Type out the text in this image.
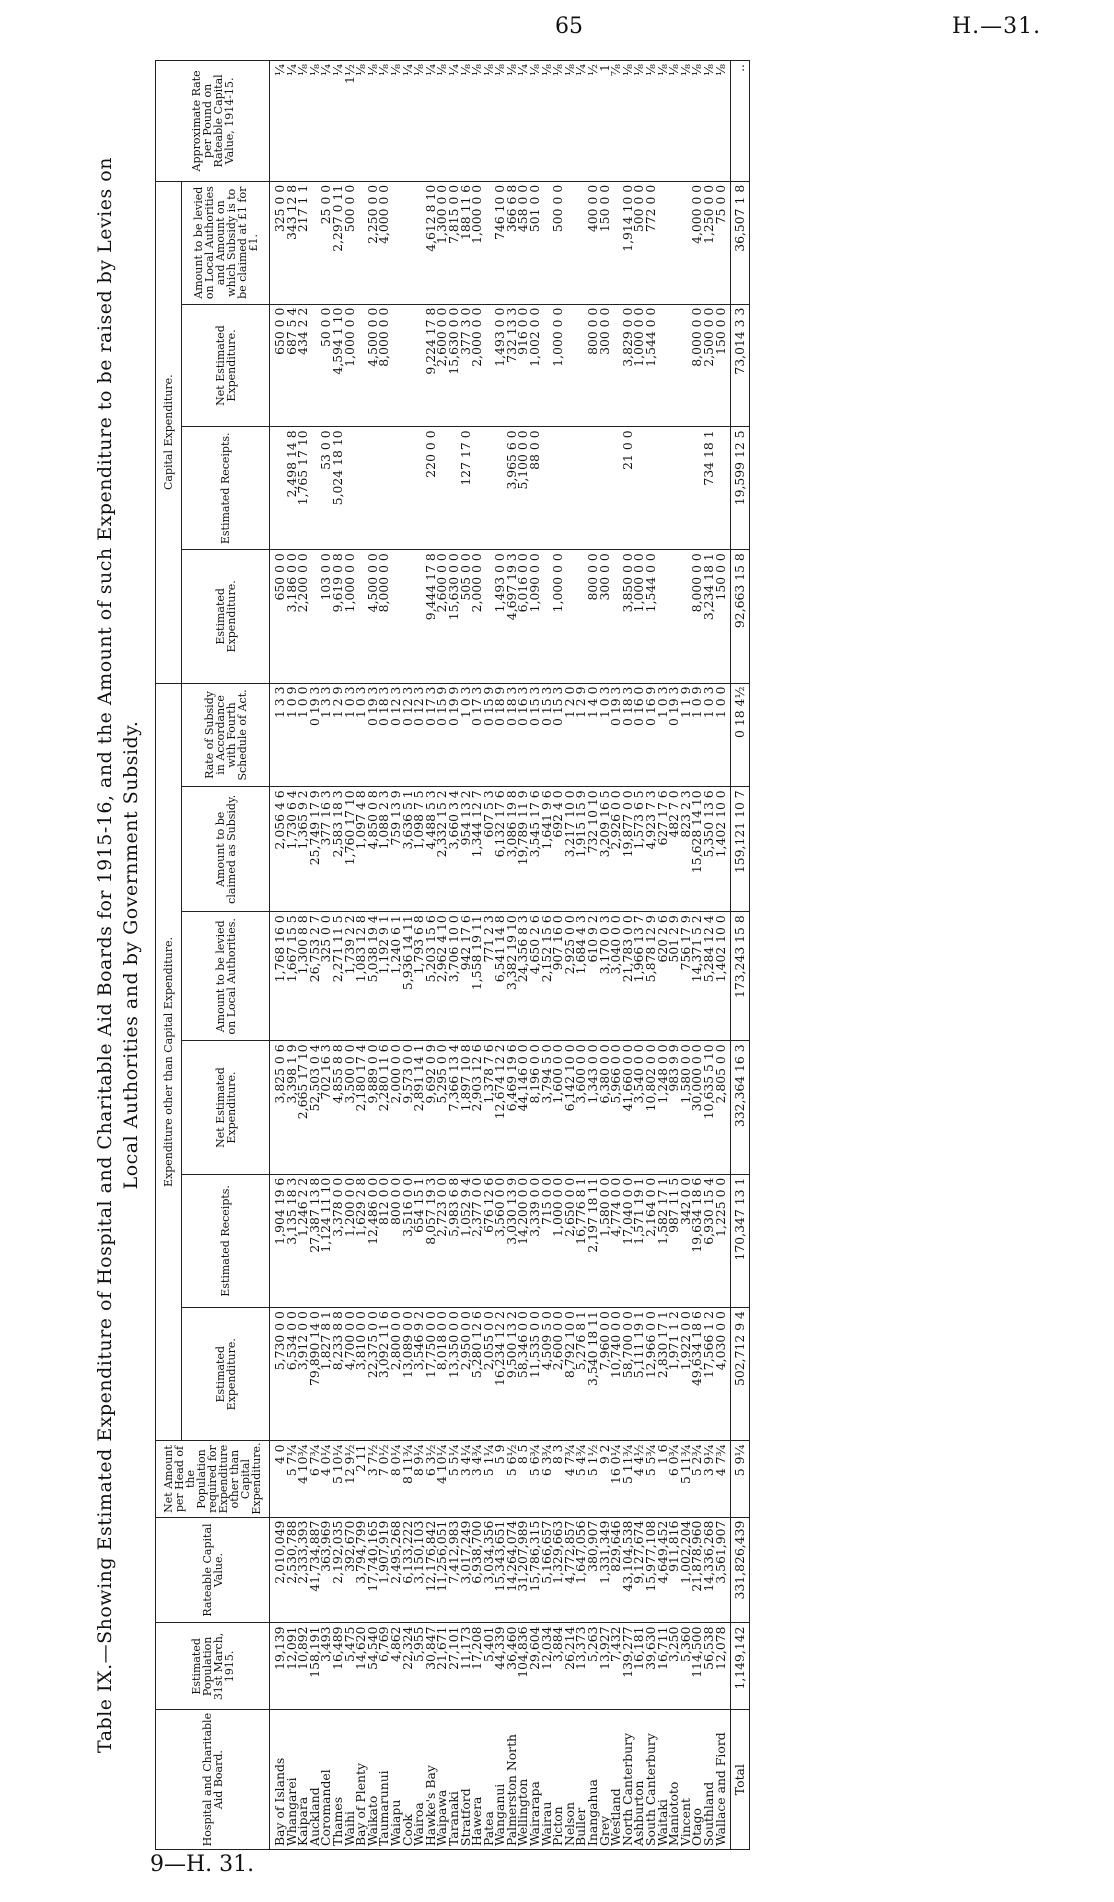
65	H.—31.
9—H. 31.
Table IX.—Showing Estimated Expenditure of Hospital and Charitable Aid Boards for 1915-16, and the Amount of such Expenditure to be raised by Levies on Local Authorities and by Government Subsidy.
Hospital and Charitable Aid Board.	Estimated Population 31st March, 1915.	Rateable Capital Value.	Net Amount per Head of the Population required for Expenditure other than Capital Expenditure.	Expenditure other than Capital Expenditure.						Capital Expenditure.				Approximate Rate per Pound on Rateable Capital Value, 1914-15.
				Estimated Expenditure.	Estimated Receipts.	Net Estimated Expenditure.	Amount to be levied on Local Authorities.	Amount to be claimed as Subsidy.	Rate of Subsidy in Accordance with Fourth Schedule of Act.	Estimated Expenditure.	Estimated Receipts.	Net Estimated Expenditure.	Amount to be levied on Local Authorities and Amount on which Subsidy is to be claimed at £1 for £1.	
Bay of Islands	19,139	2,010,049	4 0	5,730 0 0	1,904 19 6	3,825 0 6	1,768 16 0	2,056 4 6	1 3 3	650 0 0		650 0 0	325 0 0	¼
Whangarei	12,091	2,530,788	5 7¼	6,534 0 0	3,135 18 3	3,398 1 9	1,667 15 5	1,730 6 4	1 0 9	3,186 0 0	2,498 14 8	687 5 4	343 12 8	¼
Kaipara	10,892	2,333,393	4 10¾	3,912 0 0	1,246 2 2	2,665 17 10	1,300 8 8	1,365 9 2	1 0 0	2,200 0 0	1,765 17 10	434 2 2	217 1 1	⅛
Auckland	158,191	41,734,887	6 7¾	79,890 14 0	27,387 13 8	52,503 0 4	26,753 2 7	25,749 17 9	0 19 3					⅛
Coromandel	3,493	363,969	4 0¼	1,827 8 1	1,124 11 10	702 16 3	325 0 0	377 16 3	1 3 3	103 0 0	53 0 0	50 0 0	25 0 0	¼
Thames	16,489	2,192,035	5 10¼	8,233 8 8	3,378 0 0	4,855 8 8	2,271 11 5	2,583 18 3	1 2 9	9,619 0 8	5,024 18 10	4,594 1 10	2,297 0 11	¼
Waihi	5,475	392,670	12 9½	4,700 0 0	1,200 0 0	3,500 0 0	1,739 2 2	1,760 17 10	1 0 3	1,000 0 0		1,000 0 0	500 0 0	1½
Bay of Plenty	14,620	3,794,799	2 11	3,810 0 0	1,629 2 8	2,180 17 4	1,083 12 8	1,097 4 8	1 0 3					⅛
Waikato	54,540	17,740,165	3 7½	22,375 0 0	12,486 0 0	9,889 0 0	5,038 19 4	4,850 0 8	0 19 3	4,500 0 0		4,500 0 0	2,250 0 0	⅛
Taumarunui	6,769	1,907,919	7 0½	3,092 11 6	812 0 0	2,280 11 6	1,192 9 1	1,088 2 3	0 18 3	8,000 0 0		8,000 0 0	4,000 0 0	⅛
Waiapu	4,862	2,495,268	8 0¼	2,800 0 0	800 0 0	2,000 0 0	1,240 6 1	759 13 9	0 12 3					⅛
Cook	22,324	6,133,222	8 11¾	13,089 0 0	3,516 0 0	9,573 0 0	5,936 14 11	3,636 5 1	0 12 3					¼
Wairoa	5,955	3,150,103	8 9¼	3,546 9 2	654 15 1	2,891 14 1	1,793 6 8	1,098 7 5	0 12 3					⅛
Hawke's Bay	30,847	12,176,842	6 3½	17,750 0 0	8,057 19 3	9,692 0 9	5,203 15 6	4,488 5 3	0 17 3	9,444 17 8	220 0 0	9,224 17 8	4,612 8 10	¼
Waipawa	21,671	11,256,051	4 10¼	8,018 0 0	2,723 0 0	5,295 0 0	2,962 4 10	2,332 15 2	0 15 9	2,600 0 0		2,600 0 0	1,300 0 0	⅛
Taranaki	27,101	7,412,983	5 5¼	13,350 0 0	5,983 6 8	7,366 13 4	3,706 10 0	3,660 3 4	0 19 9	15,630 0 0		15,630 0 0	7,815 0 0	¼
Stratford	11,173	3,017,249	3 4¼	2,950 0 0	1,052 9 4	1,897 10 8	942 17 6	954 13 2	1 0 3	505 0 0	127 17 0	377 3 0	188 11 6	⅛
Hawera	17,208	6,938,700	3 4¾	5,280 12 6	2,377 0 0	2,903 12 6	1,558 19 11	1,344 12 7	0 17 3	2,000 0 0		2,000 0 0	1,000 0 0	⅛
Patea	5,401	3,034,356	5 1¼	2,055 0 0	676 12 6	1,378 7 6	771 2 3	607 5 3	0 15 9					⅛
Wanganui	44,339	15,343,651	5 9	16,234 12 2	3,560 0 0	12,674 12 2	6,541 14 8	6,132 17 6	0 18 9	1,493 0 0		1,493 0 0	746 10 0	⅛
Palmerston North	36,460	14,264,074	5 6½	9,500 13 2	3,030 13 9	6,469 19 6	3,382 19 10	3,086 19 8	0 18 3	4,697 19 3	3,965 6 0	732 13 3	366 6 8	⅛
Wellington	104,836	31,207,989	8 5	58,346 0 0	14,200 0 0	44,146 0 0	24,356 8 3	19,789 11 9	0 16 3	6,016 0 0	5,100 0 0	916 0 0	458 0 0	¼
Wairarapa	29,604	15,786,315	5 6¾	11,535 0 0	3,339 0 0	8,196 0 0	4,650 2 6	3,545 17 6	0 15 3	1,090 0 0	88 0 0	1,002 0 0	501 0 0	⅛
Wairau	12,034	5,166,657	6 3¾	4,509 5 0	715 0 0	3,794 5 0	2,152 15 6	1,641 9 6	0 15 3					⅛
Picton	3,884	1,329,663	8 3	2,600 0 0	1,000 0 0	1,600 0 0	907 16 0	692 4 0	0 15 3	1,000 0 0		1,000 0 0	500 0 0	⅛
Nelson	26,214	4,772,857	4 7¾	8,792 10 0	2,650 0 0	6,142 10 0	2,925 0 0	3,217 10 0	1 2 0					⅛
Buller	13,373	1,647,056	5 4¾	5,276 8 1	16,776 8 1	3,600 0 0	1,684 4 3	1,915 15 9	1 2 9					¼
Inangahua	5,263	380,907	5 1½	3,540 18 11	2,197 18 11	1,343 0 0	610 9 2	732 10 10	1 4 0	800 0 0		800 0 0	400 0 0	½
Grey	13,927	1,331,349	9 2	7,960 0 0	1,580 0 0	6,380 0 0	3,170 0 3	3,209 16 5	1 0 3	300 0 0		300 0 0	150 0 0	1
Westland	7,432	829,646	16 0¼	10,740 0 0	4,774 0 0	5,966 0 0	3,040 0 0	2,926 0 0	0 19 3					⅞
North Canterbury	139,277	43,104,538	5 11¾	58,700 0 0	17,040 0 0	41,660 0 0	21,783 0 0	19,877 0 0	0 18 3	3,850 0 0	21 0 0	3,829 0 0	1,914 10 0	⅛
Ashburton	16,181	9,127,674	4 4½	5,111 19 1	1,571 19 1	3,540 0 0	1,966 13 7	1,573 6 5	0 16 0	1,000 0 0		1,000 0 0	500 0 0	⅛
South Canterbury	39,630	15,977,108	5 5¾	12,966 0 0	2,164 0 0	10,802 0 0	5,878 12 9	4,923 7 3	0 16 9	1,544 0 0		1,544 0 0	772 0 0	⅛
Waitaki	16,711	4,649,452	1 6	2,830 17 1	1,582 17 1	1,248 0 0	620 2 6	627 17 6	1 0 3					⅛
Maniototo	3,250	911,816	6 0¾	1,971 1 2	987 11 5	983 9 9	501 2 9	482 7 0	0 19 3					⅛
Vincent	5,360	1,002,204	5 11¾	1,922 0 0	342 0 0	1,580 0 0	756 17 9	823 2 3	1 1 9					⅛
Otago	114,500	21,878,960	5 2¾	49,634 18 6	19,634 18 6	30,000 0 0	14,371 5 2	15,628 14 10	1 0 9	8,000 0 0		8,000 0 0	4,000 0 0	⅛
Southland	56,538	14,336,268	3 9¼	17,566 1 2	6,930 15 4	10,635 5 10	5,284 12 4	5,350 13 6	1 0 3	3,234 18 1	734 18 1	2,500 0 0	1,250 0 0	⅛
Wallace and Fiord	12,078	3,561,907	4 7¾	4,030 0 0	1,225 0 0	2,805 0 0	1,402 10 0	1,402 10 0	1 0 0	150 0 0		150 0 0	75 0 0	⅛
Total	1,149,142	331,826,439	5 9¼	502,712 9 4	170,347 13 1	332,364 16 3	173,243 15 8	159,121 10 7	0 18 4½	92,663 15 8	19,599 12 5	73,014 3 3	36,507 1 8	..
